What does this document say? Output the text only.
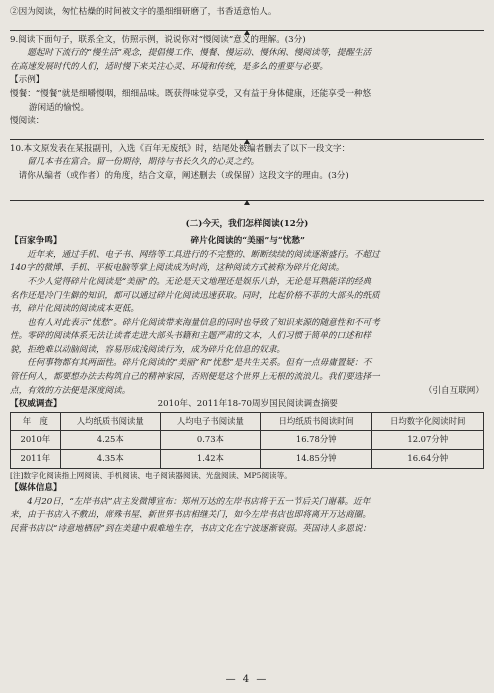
②因为阅读，匆忙枯燥的时间被文字的墨细细研磨了，书香适意怡人。
9.阅读下面句子，联系全文，仿照示例，说说你对“慢阅读”意义的理解。(3分)
题起时下流行的“慢生活”观念，提倡慢工作、慢餐、慢运动、慢休闲、慢阅读等，提醒生活
在高速发展时代的人们，适时慢下来关注心灵、环境和传统，是多么的重要与必要。
【示例】
慢餐：“慢餐”就是细嚼慢咽，细细品味。既获得味觉享受，又有益于身体健康，还能享受一种悠
游闲适的愉悦。
慢阅读：
10.本文原发表在某报副刊，入选《百年无废纸》时，结尾处被编者删去了以下一段文字：
留几本书在富合。留一份期待，期待与书长久久的心灵之约。
请你从编者（或作者）的角度，结合文章，阐述删去（或保留）这段文字的理由。(3分)
(二)今天，我们怎样阅读(12分)
【百家争鸣】	碎片化阅读的“美丽”与“忧愁”
近年来，通过手机、电子书、网络等工具进行的不完整的、断断续续的阅读逐渐盛行。不超过
140字的微博、手机、平板电脑等掌上阅读成为时尚，这种阅读方式被称为碎片化阅读。
不少人觉得碎片化阅读是“美丽”的。无论是天文地理还是娱乐八卦，无论是耳熟能详的经典
名作还是冷门生僻的知识，都可以通过碎片化阅读迅速获取。同时，比起价格不菲的大部头的纸质
书，碎片化阅读的阅读成本更低。
也有人对此表示“忧愁”。碎片化阅读带来海量信息的同时也导致了知识来源的随意性和不可考
性。零碎的阅读体系无法让读者走进大部头书籍和主题严肃的文本，人们习惯于简单的口述和样
貌，拒绝难以动脑阅读，容易形成浅阅读行为，成为碎片化信息的奴隶。
任何事物都有其两面性。碎片化阅读的“美丽”和“忧愁”是共生关系。但有一点毋庸置疑：不
管任何人，都要想办法去构筑自己的精神家园，否则便是这个世界上无根的流浪儿。我们要选择一
点，有效的方法便是深度阅读。	（引自互联网）
【权威调查】	2010年、2011年18-70周岁国民阅读调查摘要
年　度	人均纸质书阅读量	人均电子书阅读量	日均纸质书阅读时间	日均数字化阅读时间
2010年	4.25本	0.73本	16.78分钟	12.07分钟
2011年	4.35本	1.42本	14.85分钟	16.64分钟
[注]数字化阅读指上网阅读、手机阅读、电子阅读器阅读、光盘阅读、MP5阅读等。
【媒体信息】
4月20日，“左岸书店”店主发微博宣布：郑州万达的左岸书店将于五一节后关门谢幕。近年
来，由于书店入不敷出，席殊书屋、新世界书店相继关门，如今左岸书店也即将离开万达商圈。
民营书店以“诗意地栖居”到在美建中艰难地生存，书店文化在宁波逐渐衰弱。英国诗人多恩说：
— 4 —
